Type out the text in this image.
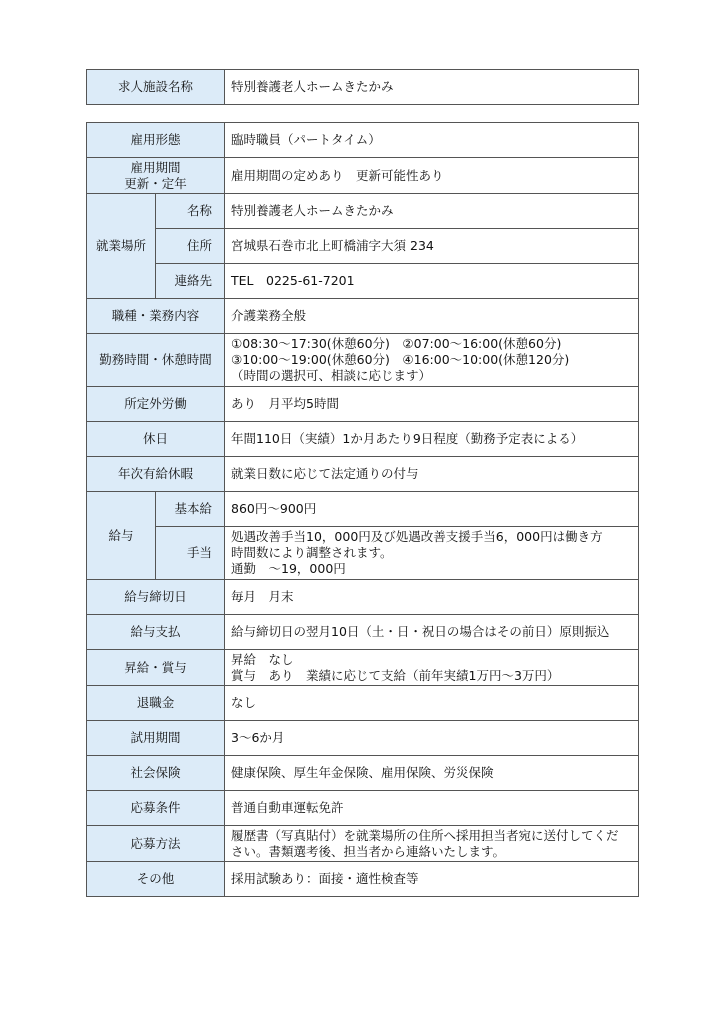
求人施設名称	特別養護老人ホームきたかみ
雇用形態		臨時職員（パートタイム）

雇用期間
更新・定年		雇用期間の定めあり　更新可能性あり
就業場所	名称	特別養護老人ホームきたかみ
	住所	宮城県石巻市北上町橋浦字大須 234
	連絡先	TEL　0225-61-7201
職種・業務内容		介護業務全般
勤務時間・休憩時間		①08:30～17:30(休憩60分)　②07:00～16:00(休憩60分)
③10:00～19:00(休憩60分)　④16:00～10:00(休憩120分)
（時間の選択可、相談に応じます）

所定外労働		あり　月平均5時間
休日		年間110日（実績）1か月あたり9日程度（勤務予定表による）
年次有給休暇		就業日数に応じて法定通りの付与
給与	基本給	860円～900円
	手当	処遇改善手当10，000円及び処遇改善支援手当6，000円は働き方
時間数により調整されます。
通勤　～19，000円

給与締切日		毎月　月末
給与支払		給与締切日の翌月10日（土・日・祝日の場合はその前日）原則振込
昇給・賞与		昇給　なし
賞与　あり　業績に応じて支給（前年実績1万円～3万円）

退職金		なし
試用期間		3～6か月
社会保険		健康保険、厚生年金保険、雇用保険、労災保険
応募条件		普通自動車運転免許
応募方法		履歴書（写真貼付）を就業場所の住所へ採用担当者宛に送付してくだ
さい。書類選考後、担当者から連絡いたします。

その他		採用試験あり：面接・適性検査等
